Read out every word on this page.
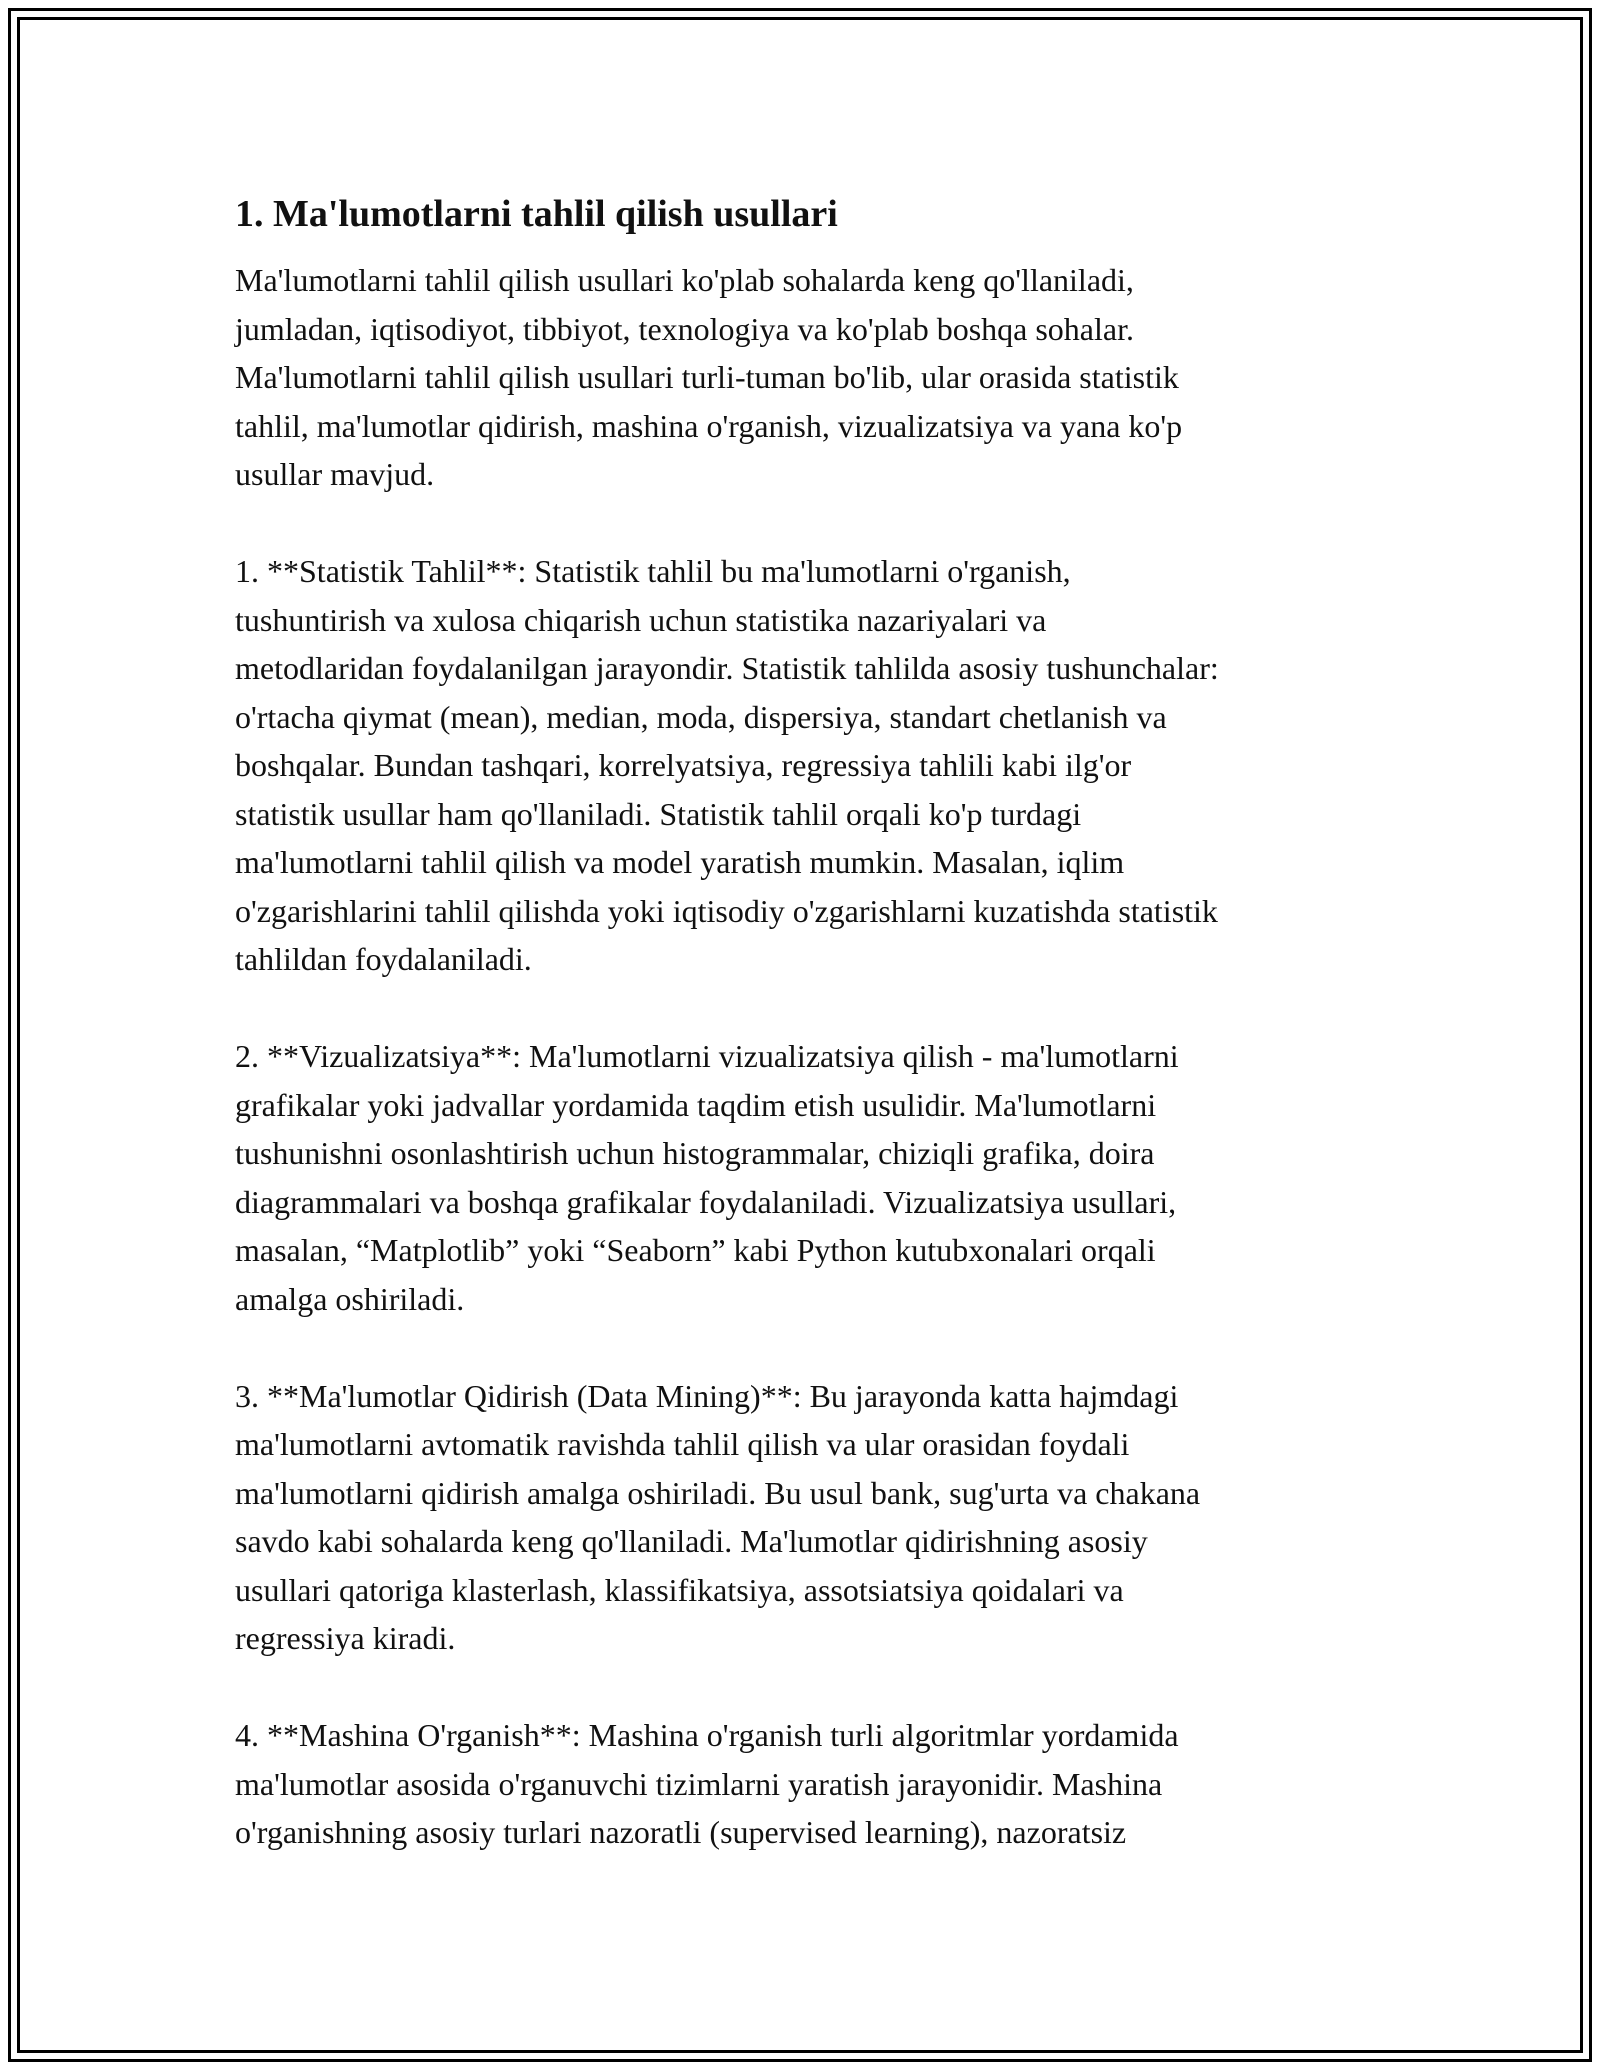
1. Ma'lumotlarni tahlil qilish usullari

Ma'lumotlarni tahlil qilish usullari ko'plab sohalarda keng qo'llaniladi,
jumladan, iqtisodiyot, tibbiyot, texnologiya va ko'plab boshqa sohalar.
Ma'lumotlarni tahlil qilish usullari turli-tuman bo'lib, ular orasida statistik
tahlil, ma'lumotlar qidirish, mashina o'rganish, vizualizatsiya va yana ko'p
usullar mavjud.

1. **Statistik Tahlil**: Statistik tahlil bu ma'lumotlarni o'rganish,
tushuntirish va xulosa chiqarish uchun statistika nazariyalari va
metodlaridan foydalanilgan jarayondir. Statistik tahlilda asosiy tushunchalar:
o'rtacha qiymat (mean), median, moda, dispersiya, standart chetlanish va
boshqalar. Bundan tashqari, korrelyatsiya, regressiya tahlili kabi ilg'or
statistik usullar ham qo'llaniladi. Statistik tahlil orqali ko'p turdagi
ma'lumotlarni tahlil qilish va model yaratish mumkin. Masalan, iqlim
o'zgarishlarini tahlil qilishda yoki iqtisodiy o'zgarishlarni kuzatishda statistik
tahlildan foydalaniladi.

2. **Vizualizatsiya**: Ma'lumotlarni vizualizatsiya qilish - ma'lumotlarni
grafikalar yoki jadvallar yordamida taqdim etish usulidir. Ma'lumotlarni
tushunishni osonlashtirish uchun histogrammalar, chiziqli grafika, doira
diagrammalari va boshqa grafikalar foydalaniladi. Vizualizatsiya usullari,
masalan, “Matplotlib” yoki “Seaborn” kabi Python kutubxonalari orqali
amalga oshiriladi.

3. **Ma'lumotlar Qidirish (Data Mining)**: Bu jarayonda katta hajmdagi
ma'lumotlarni avtomatik ravishda tahlil qilish va ular orasidan foydali
ma'lumotlarni qidirish amalga oshiriladi. Bu usul bank, sug'urta va chakana
savdo kabi sohalarda keng qo'llaniladi. Ma'lumotlar qidirishning asosiy
usullari qatoriga klasterlash, klassifikatsiya, assotsiatsiya qoidalari va
regressiya kiradi.

4. **Mashina O'rganish**: Mashina o'rganish turli algoritmlar yordamida
ma'lumotlar asosida o'rganuvchi tizimlarni yaratish jarayonidir. Mashina
o'rganishning asosiy turlari nazoratli (supervised learning), nazoratsiz
